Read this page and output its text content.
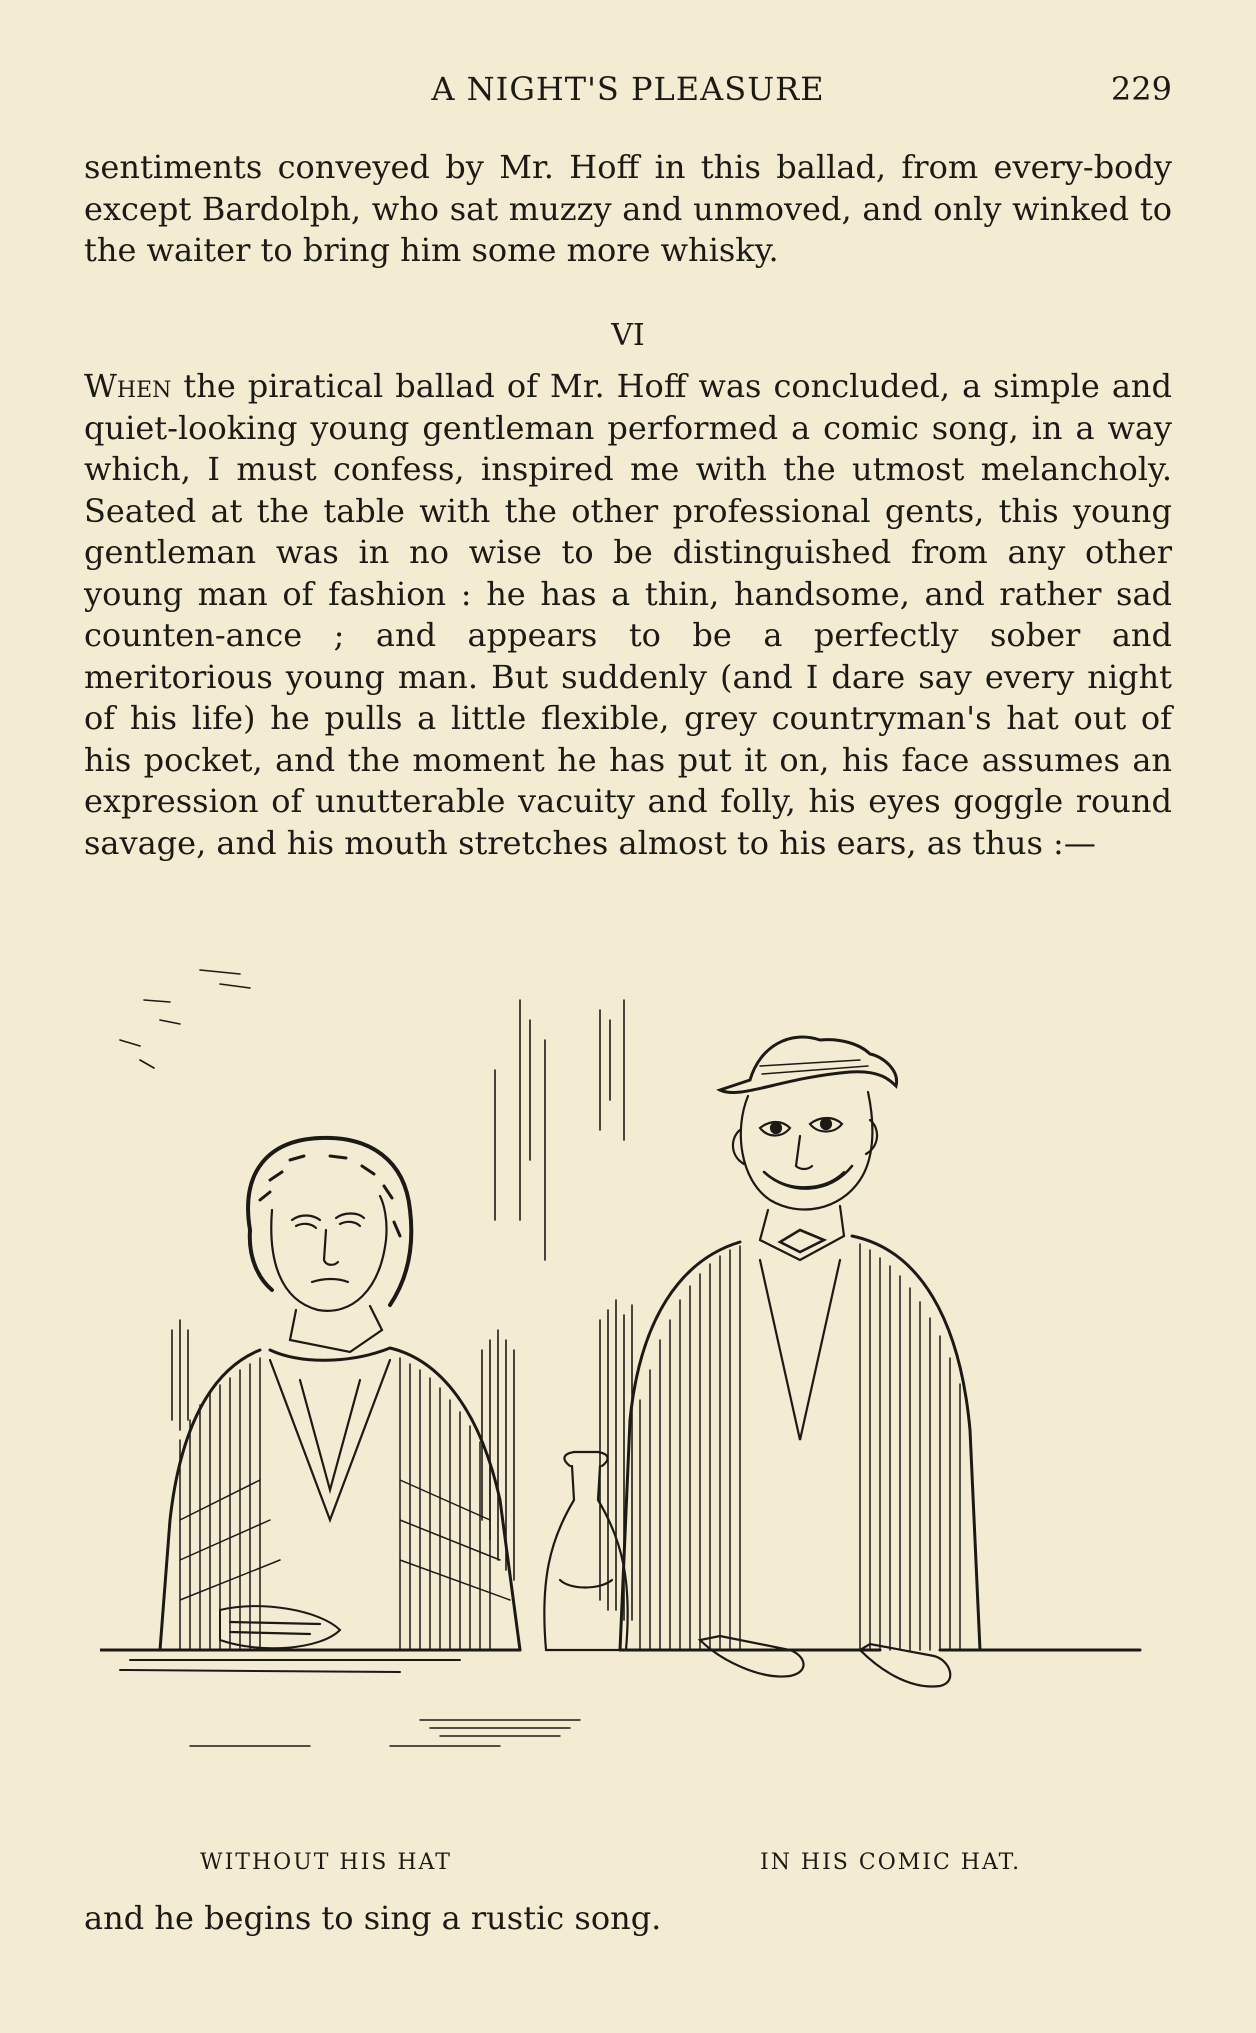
A NIGHT'S PLEASURE	229

sentiments conveyed by Mr. Hoff in this ballad, from every-body except Bardolph, who sat muzzy and unmoved, and only winked to the waiter to bring him some more whisky.

VI

When the piratical ballad of Mr. Hoff was concluded, a simple and quiet-looking young gentleman performed a comic song, in a way which, I must confess, inspired me with the utmost melancholy. Seated at the table with the other professional gents, this young gentleman was in no wise to be distinguished from any other young man of fashion : he has a thin, handsome, and rather sad counten-ance ; and appears to be a perfectly sober and meritorious young man. But suddenly (and I dare say every night of his life) he pulls a little flexible, grey countryman's hat out of his pocket, and the moment he has put it on, his face assumes an expression of unutterable vacuity and folly, his eyes goggle round savage, and his mouth stretches almost to his ears, as thus :—

WITHOUT HIS HAT	IN HIS COMIC HAT.

and he begins to sing a rustic song.
